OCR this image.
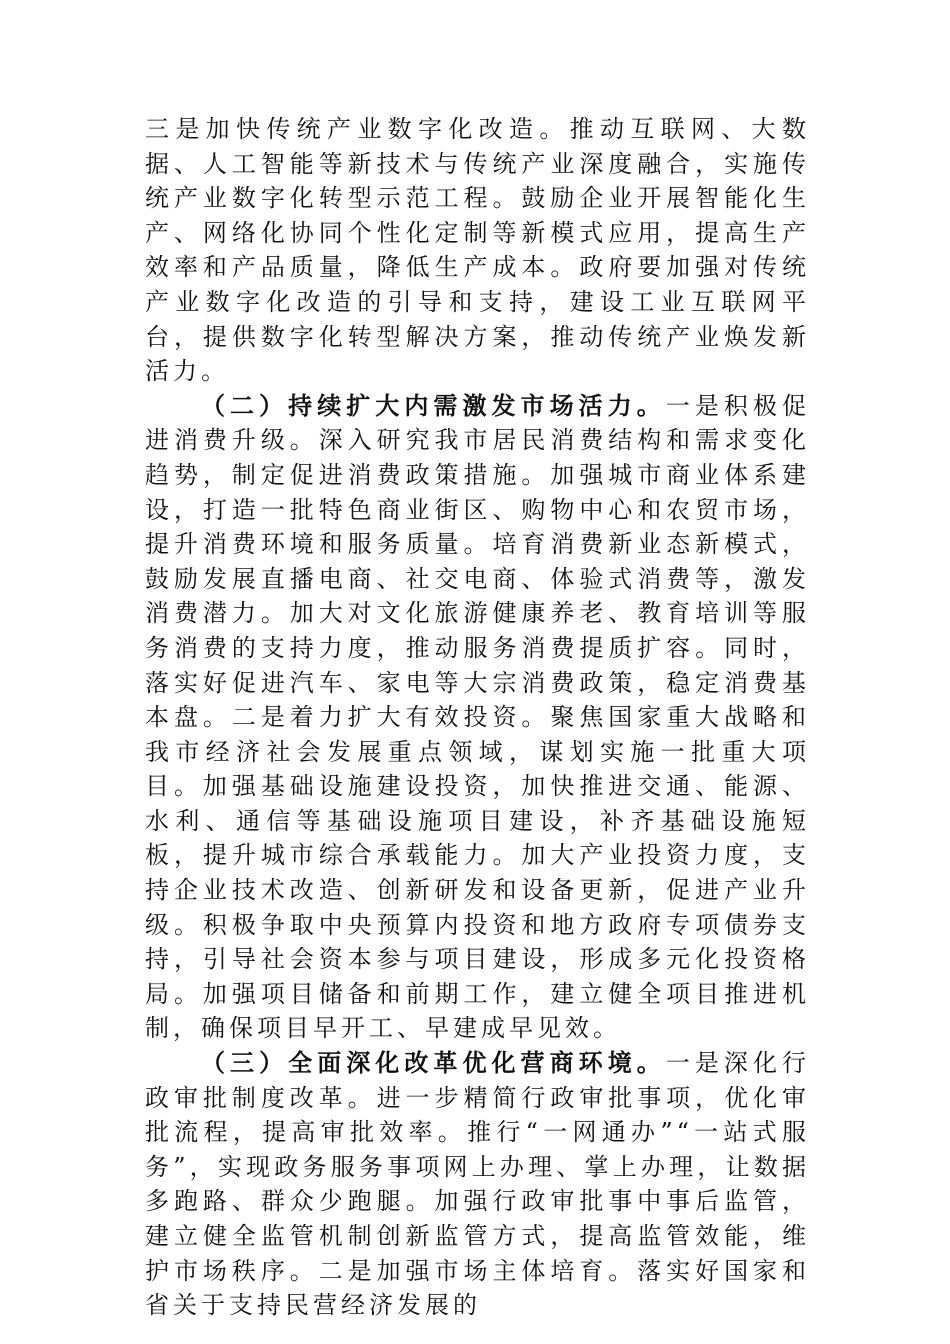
三是加快传统产业数字化改造。推动互联网、大数据、人工智能等新技术与传统产业深度融合，实施传统产业数字化转型示范工程。鼓励企业开展智能化生产、网络化协同个性化定制等新模式应用，提高生产效率和产品质量，降低生产成本。政府要加强对传统产业数字化改造的引导和支持，建设工业互联网平台，提供数字化转型解决方案，推动传统产业焕发新活力。

（二）持续扩大内需激发市场活力。一是积极促进消费升级。深入研究我市居民消费结构和需求变化趋势，制定促进消费政策措施。加强城市商业体系建设，打造一批特色商业街区、购物中心和农贸市场，提升消费环境和服务质量。培育消费新业态新模式，鼓励发展直播电商、社交电商、体验式消费等，激发消费潜力。加大对文化旅游健康养老、教育培训等服务消费的支持力度，推动服务消费提质扩容。同时，落实好促进汽车、家电等大宗消费政策，稳定消费基本盘。二是着力扩大有效投资。聚焦国家重大战略和我市经济社会发展重点领域，谋划实施一批重大项目。加强基础设施建设投资，加快推进交通、能源、水利、通信等基础设施项目建设，补齐基础设施短板，提升城市综合承载能力。加大产业投资力度，支持企业技术改造、创新研发和设备更新，促进产业升级。积极争取中央预算内投资和地方政府专项债券支持，引导社会资本参与项目建设，形成多元化投资格局。加强项目储备和前期工作，建立健全项目推进机制，确保项目早开工、早建成早见效。

（三）全面深化改革优化营商环境。一是深化行政审批制度改革。进一步精简行政审批事项，优化审批流程，提高审批效率。推行“一网通办”“一站式服务”，实现政务服务事项网上办理、掌上办理，让数据多跑路、群众少跑腿。加强行政审批事中事后监管，建立健全监管机制创新监管方式，提高监管效能，维护市场秩序。二是加强市场主体培育。落实好国家和省关于支持民营经济发展的
